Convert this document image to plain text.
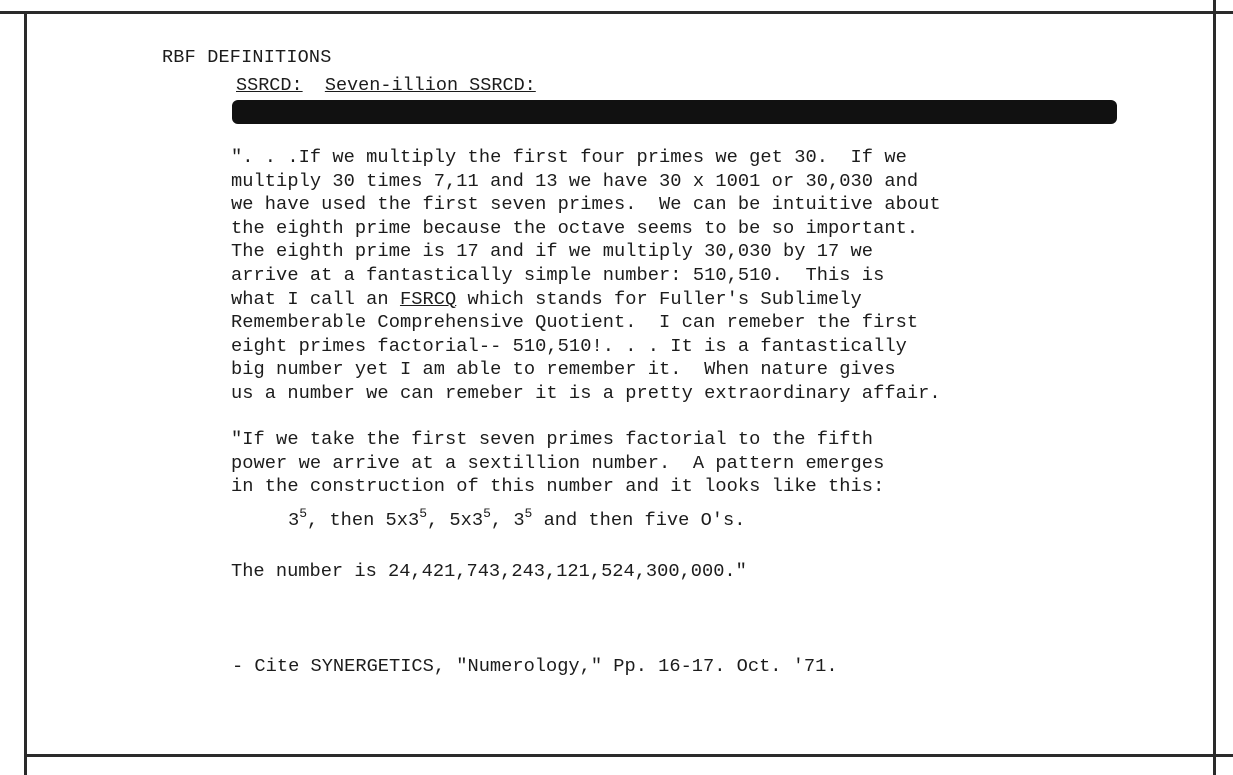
RBF DEFINITIONS
SSRCD: Seven-illion SSRCD:
". . .If we multiply the first four primes we get 30.  If we
multiply 30 times 7,11 and 13 we have 30 x 1001 or 30,030 and
we have used the first seven primes.  We can be intuitive about
the eighth prime because the octave seems to be so important.
The eighth prime is 17 and if we multiply 30,030 by 17 we
arrive at a fantastically simple number: 510,510.  This is
what I call an FSRCQ which stands for Fuller's Sublimely
Rememberable Comprehensive Quotient.  I can remeber the first
eight primes factorial-- 510,510!. . . It is a fantastically
big number yet I am able to remember it.  When nature gives
us a number we can remeber it is a pretty extraordinary affair.
"If we take the first seven primes factorial to the fifth
power we arrive at a sextillion number.  A pattern emerges
in the construction of this number and it looks like this:
$3^5$, then $5x3^5$, $5x3^5$, $3^5$ and then five O's.
The number is 24,421,743,243,121,524,300,000."
- Cite SYNERGETICS, "Numerology," Pp. 16-17. Oct. '71.
